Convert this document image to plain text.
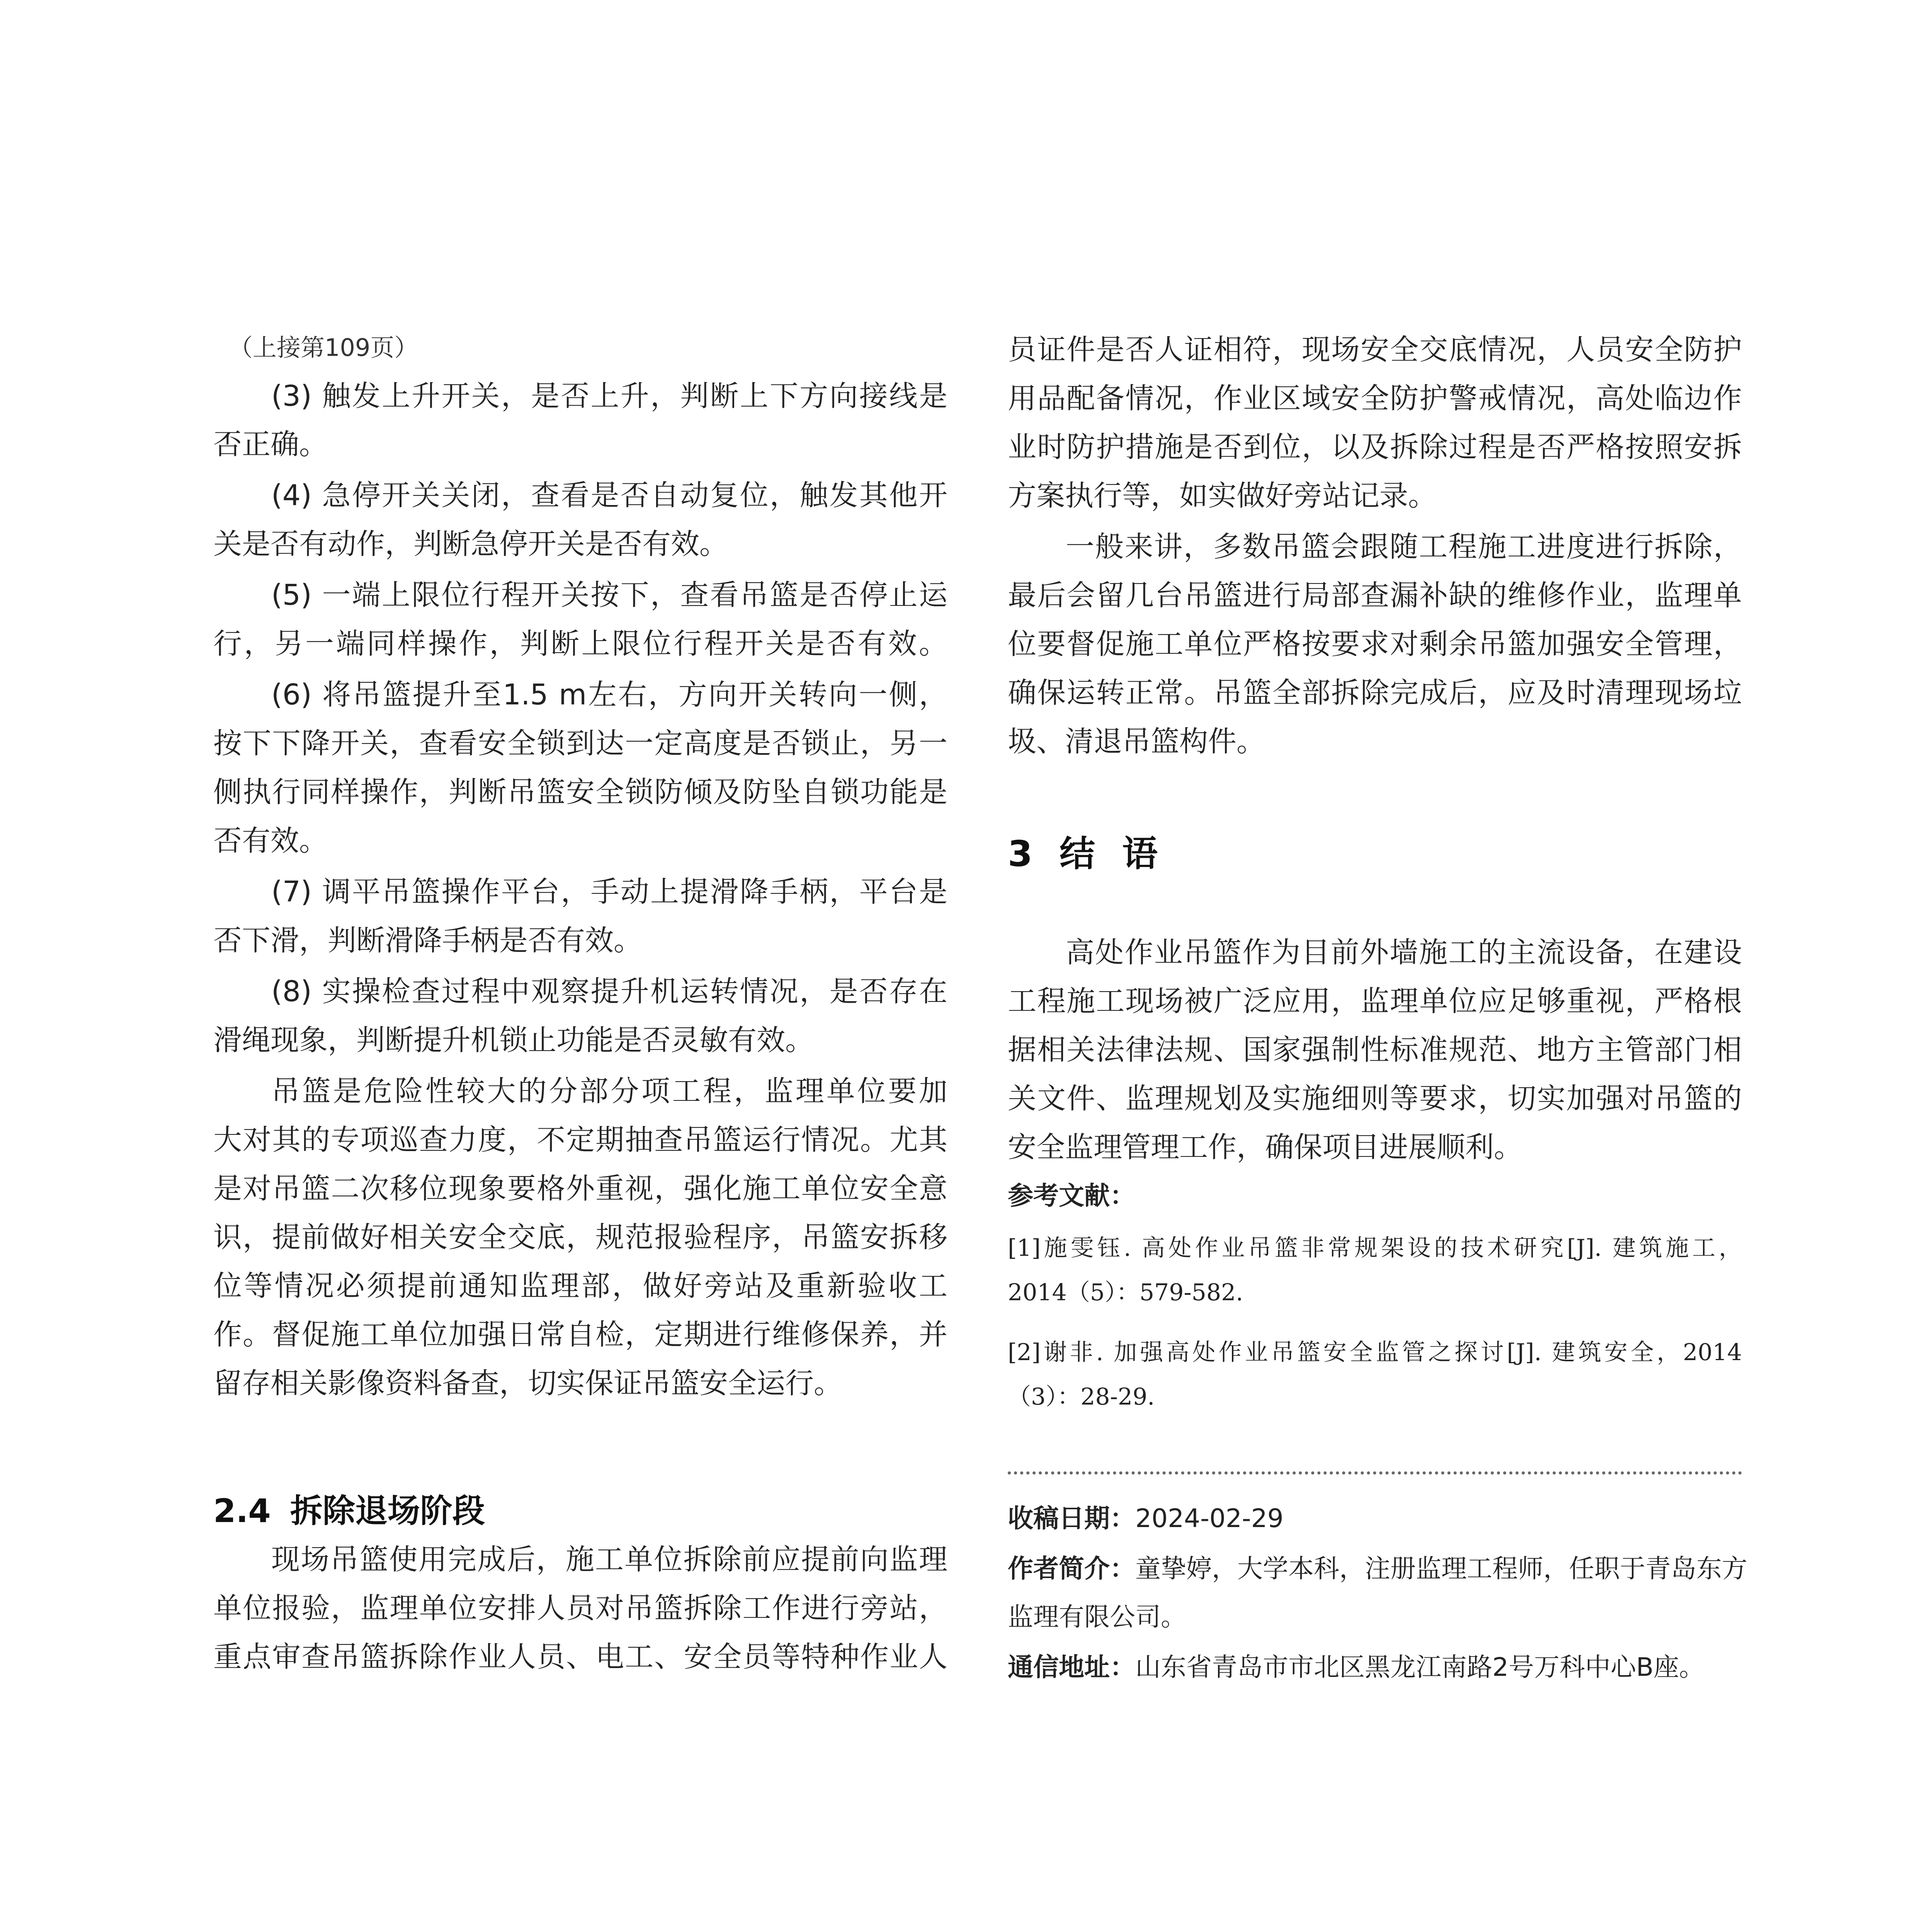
（上接第109页）
(3) 触发上升开关，是否上升，判断上下方向接线是
否正确。
(4) 急停开关关闭，查看是否自动复位，触发其他开
关是否有动作，判断急停开关是否有效。
(5) 一端上限位行程开关按下，查看吊篮是否停止运
行，另一端同样操作，判断上限位行程开关是否有效。
(6) 将吊篮提升至1.5 m左右，方向开关转向一侧，
按下下降开关，查看安全锁到达一定高度是否锁止，另一
侧执行同样操作，判断吊篮安全锁防倾及防坠自锁功能是
否有效。
(7) 调平吊篮操作平台，手动上提滑降手柄，平台是
否下滑，判断滑降手柄是否有效。
(8) 实操检查过程中观察提升机运转情况，是否存在
滑绳现象，判断提升机锁止功能是否灵敏有效。
吊篮是危险性较大的分部分项工程，监理单位要加
大对其的专项巡查力度，不定期抽查吊篮运行情况。尤其
是对吊篮二次移位现象要格外重视，强化施工单位安全意
识，提前做好相关安全交底，规范报验程序，吊篮安拆移
位等情况必须提前通知监理部，做好旁站及重新验收工
作。督促施工单位加强日常自检，定期进行维修保养，并
留存相关影像资料备查，切实保证吊篮安全运行。
2.4 拆除退场阶段
现场吊篮使用完成后，施工单位拆除前应提前向监理
单位报验，监理单位安排人员对吊篮拆除工作进行旁站，
重点审查吊篮拆除作业人员、电工、安全员等特种作业人
员证件是否人证相符，现场安全交底情况，人员安全防护
用品配备情况，作业区域安全防护警戒情况，高处临边作
业时防护措施是否到位，以及拆除过程是否严格按照安拆
方案执行等，如实做好旁站记录。
一般来讲，多数吊篮会跟随工程施工进度进行拆除，
最后会留几台吊篮进行局部查漏补缺的维修作业，监理单
位要督促施工单位严格按要求对剩余吊篮加强安全管理，
确保运转正常。吊篮全部拆除完成后，应及时清理现场垃
圾、清退吊篮构件。
3 结语
高处作业吊篮作为目前外墙施工的主流设备，在建设
工程施工现场被广泛应用，监理单位应足够重视，严格根
据相关法律法规、国家强制性标准规范、地方主管部门相
关文件、监理规划及实施细则等要求，切实加强对吊篮的
安全监理管理工作，确保项目进展顺利。
参考文献：
[1]施雯钰. 高处作业吊篮非常规架设的技术研究[J]. 建筑施工，
2014（5）：579-582.
[2]谢非. 加强高处作业吊篮安全监管之探讨[J]. 建筑安全，2014
（3）：28-29.
收稿日期：2024-02-29
作者简介：童挚婷，大学本科，注册监理工程师，任职于青岛东方
监理有限公司。
通信地址：山东省青岛市市北区黑龙江南路2号万科中心B座。
